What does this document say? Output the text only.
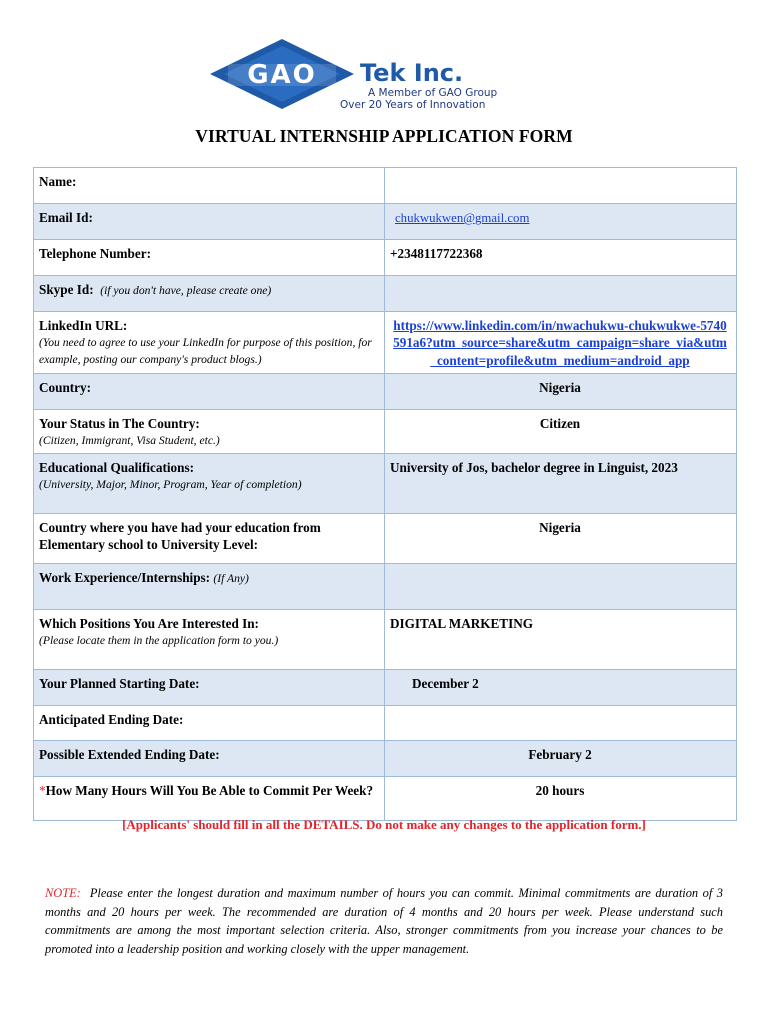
GAO Tek Inc.
A Member of GAO Group
Over 20 Years of Innovation
VIRTUAL INTERNSHIP APPLICATION FORM
Name:	
Email Id:	chukwukwen@gmail.com
Telephone Number:	+2348117722368
Skype Id: (if you don't have, please create one)	

LinkedIn URL:
(You need to agree to use your LinkedIn for purpose of this position, for example, posting our company's product blogs.)	https://www.linkedin.com/in/nwachukwu-chukwukwe-5740591a6?utm_source=share&utm_campaign=share_via&utm_content=profile&utm_medium=android_app

Country:	Nigeria

Your Status in The Country:
(Citizen, Immigrant, Visa Student, etc.)	Citizen

Educational Qualifications:
(University, Major, Minor, Program, Year of completion)	University of Jos, bachelor degree in Linguist, 2023
Country where you have had your education from Elementary school to University Level:	Nigeria
Work Experience/Internships: (If Any)	

Which Positions You Are Interested In:
(Please locate them in the application form to you.)	DIGITAL MARKETING
Your Planned Starting Date:	December 2
Anticipated Ending Date:	
Possible Extended Ending Date:	February 2
*How Many Hours Will You Be Able to Commit Per Week?	20 hours
[Applicants' should fill in all the DETAILS. Do not make any changes to the application form.]
NOTE: Please enter the longest duration and maximum number of hours you can commit. Minimal commitments are duration of 3 months and 20 hours per week. The recommended are duration of 4 months and 20 hours per week. Please understand such commitments are among the most important selection criteria. Also, stronger commitments from you increase your chances to be promoted into a leadership position and working closely with the upper management.
